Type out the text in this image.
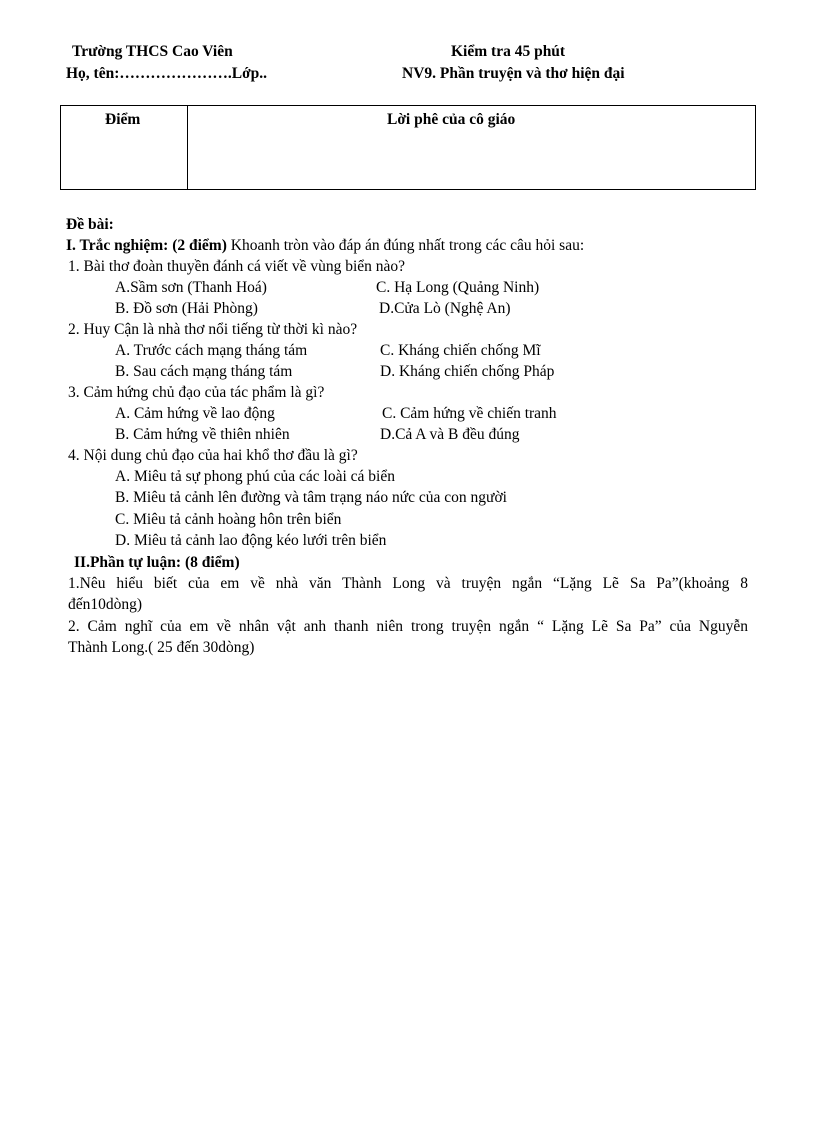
Trường THCS Cao Viên	Kiểm tra 45 phút
Họ, tên:………………….Lớp..	NV9. Phần truyện và thơ hiện đại
Điểm	Lời phê của cô giáo
Đề bài:
I. Trắc nghiệm: (2 điểm) Khoanh tròn vào đáp án đúng nhất trong các câu hỏi sau:
1. Bài thơ đoàn thuyền đánh cá viết về vùng biển nào?
A.Sầm sơn (Thanh Hoá)	C. Hạ Long (Quảng Ninh)
B. Đồ sơn (Hải Phòng)	D.Cửa Lò (Nghệ An)
2. Huy Cận là nhà thơ nổi tiếng từ thời kì nào?
A. Trước cách mạng tháng tám	C. Kháng chiến chống Mĩ
B. Sau cách mạng tháng tám	D. Kháng chiến chống Pháp
3. Cảm hứng chủ đạo của tác phẩm là gì?
A. Cảm hứng về lao động	C. Cảm hứng về chiến tranh
B. Cảm hứng về thiên nhiên	D.Cả A và B đều đúng
4. Nội dung chủ đạo của hai khổ thơ đầu là gì?
A. Miêu tả sự phong phú của các loài cá biển
B. Miêu tả cảnh lên đường và tâm trạng náo nức của con người
C. Miêu tả cảnh hoàng hôn trên biển
D. Miêu tả cảnh lao động kéo lưới trên biển
II.Phần tự luận: (8 điểm)
1.Nêu hiểu biết của em về nhà văn Thành Long và truyện ngắn “Lặng Lẽ Sa Pa”(khoảng 8
đến10dòng)
2. Cảm nghĩ của em về nhân vật anh thanh niên trong truyện ngắn “ Lặng Lẽ Sa Pa” của Nguyễn
Thành Long.( 25 đến 30dòng)
